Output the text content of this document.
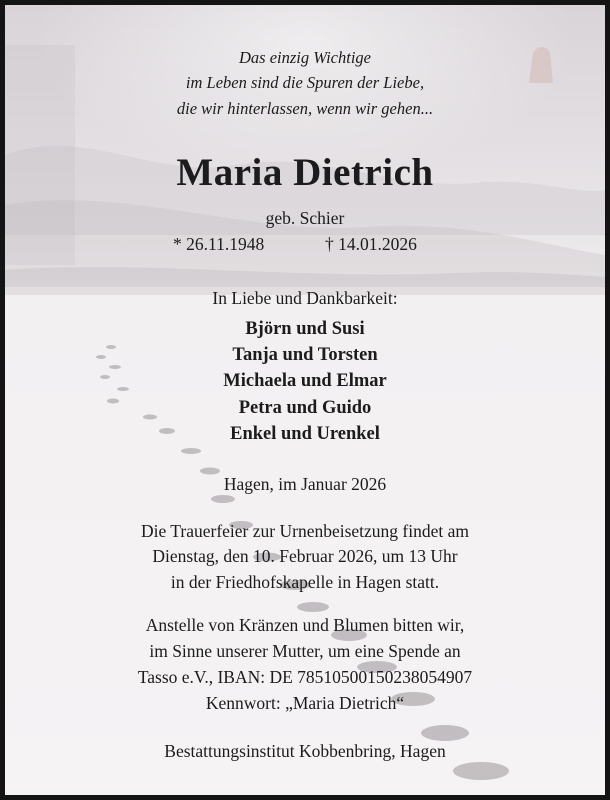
Das einzig Wichtige
im Leben sind die Spuren der Liebe,
die wir hinterlassen, wenn wir gehen...
Maria Dietrich
geb. Schier
* 26.11.1948	† 14.01.2026
In Liebe und Dankbarkeit:
Björn und Susi
Tanja und Torsten
Michaela und Elmar
Petra und Guido
Enkel und Urenkel
Hagen, im Januar 2026
Die Trauerfeier zur Urnenbeisetzung findet am
Dienstag, den 10. Februar 2026, um 13 Uhr
in der Friedhofskapelle in Hagen statt.
Anstelle von Kränzen und Blumen bitten wir,
im Sinne unserer Mutter, um eine Spende an
Tasso e.V., IBAN: DE 78510500150238054907
Kennwort: „Maria Dietrich“
Bestattungsinstitut Kobbenbring, Hagen
